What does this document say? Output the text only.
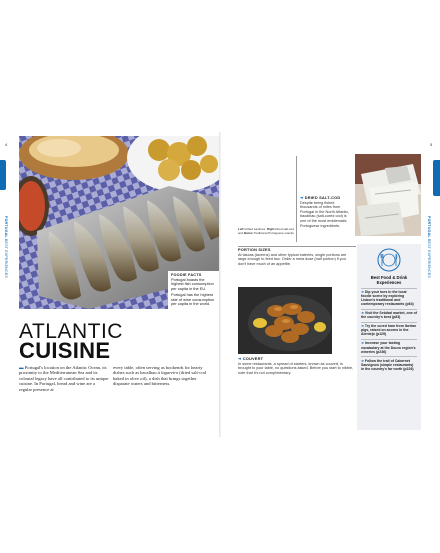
4	5
PORTUGAL BEST EXPERIENCES
PORTUGAL BEST EXPERIENCES
FOODIE FACTS
Portugal boasts the highest fish consumption per capita in the EU.
Portugal has the highest rate of wine consumption per capita in the world.
ATLANTIC
CUISINE
▬ Portugal's location on the Atlantic Ocean, its proximity to the Mediterranean Sea and its colonial legacy have all contributed to its unique cuisine. In Portugal, bread and wine are a regular presence at
every table, often serving as bookends for hearty dishes such as bacalhau à lagareiro (dried salt-cod baked in olive oil), a dish that brings together disparate waters and bitterness.
Left Grilled sardines. Right Dried salt-cod and Below Traditional Portuguese snacks
➜ DRIED SALT-COD
Despite being fished thousands of miles from Portugal in the North Atlantic, bacalhau (salt-cured cod) is one of the most emblematic Portuguese ingredients.
PORTION SIZES
At tascas (taverns) and other typical eateries, single portions are large enough to feed two. Order a meia dose (half portion) if you don't have much of an appetite.
➜ COUVERT
In some restaurants, a spread of starters, known as couvert, is brought to your table, no questions asked. Before you start to nibble, note that it's not complimentary.
Best Food & Drink Experiences
➜ Dip your toes in the local foodie scene by exploring Lisbon's traditional and contemporary restaurants (p64)
➜ Visit the Setúbal market, one of the country's best (p83)
➜ Try the cured ham from Iberian pigs, raised on acorns in the Alentejo (p129)
➜ Increase your tasting vocabulary at the Douro region's wineries (p236)
➜ Follow the trail of Cabernet Sauvignon (simple restaurants) in the country's far north (p226)
